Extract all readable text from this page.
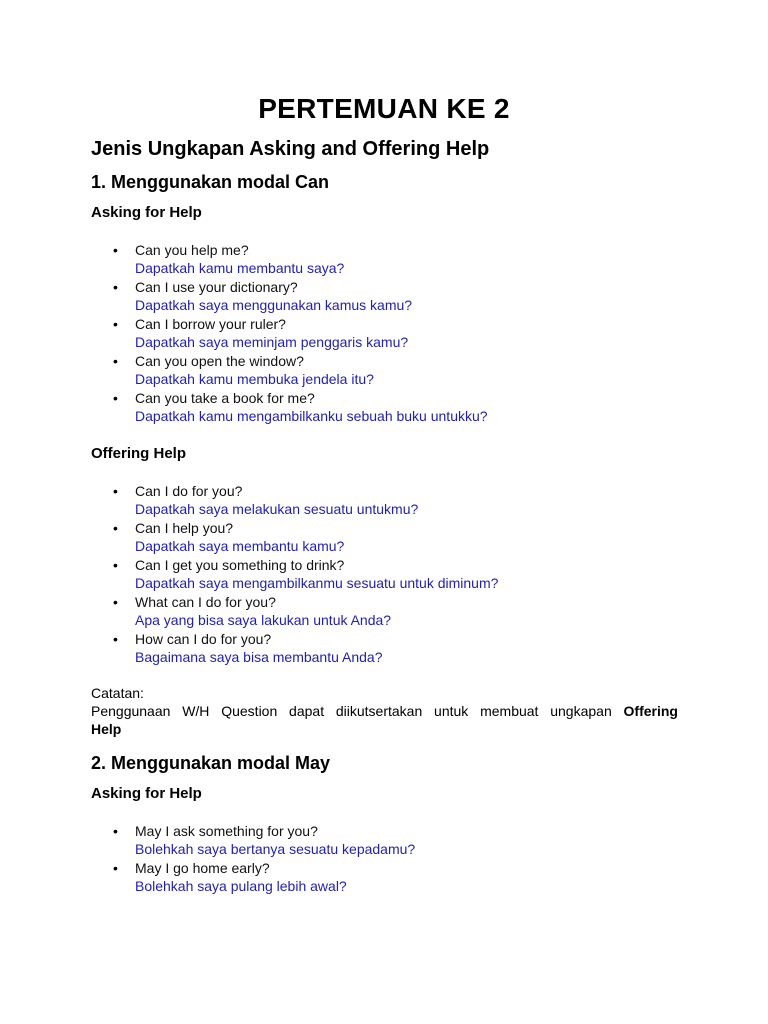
PERTEMUAN KE 2
Jenis Ungkapan Asking and Offering Help
1. Menggunakan modal Can
Asking for Help
• Can you help me?
Dapatkah kamu membantu saya?
• Can I use your dictionary?
Dapatkah saya menggunakan kamus kamu?
• Can I borrow your ruler?
Dapatkah saya meminjam penggaris kamu?
• Can you open the window?
Dapatkah kamu membuka jendela itu?
• Can you take a book for me?
Dapatkah kamu mengambilkanku sebuah buku untukku?
Offering Help
• Can I do for you?
Dapatkah saya melakukan sesuatu untukmu?
• Can I help you?
Dapatkah saya membantu kamu?
• Can I get you something to drink?
Dapatkah saya mengambilkanmu sesuatu untuk diminum?
• What can I do for you?
Apa yang bisa saya lakukan untuk Anda?
• How can I do for you?
Bagaimana saya bisa membantu Anda?
Catatan:
Penggunaan W/H Question dapat diikutsertakan untuk membuat ungkapan Offering
Help
2. Menggunakan modal May
Asking for Help
• May I ask something for you?
Bolehkah saya bertanya sesuatu kepadamu?
• May I go home early?
Bolehkah saya pulang lebih awal?
